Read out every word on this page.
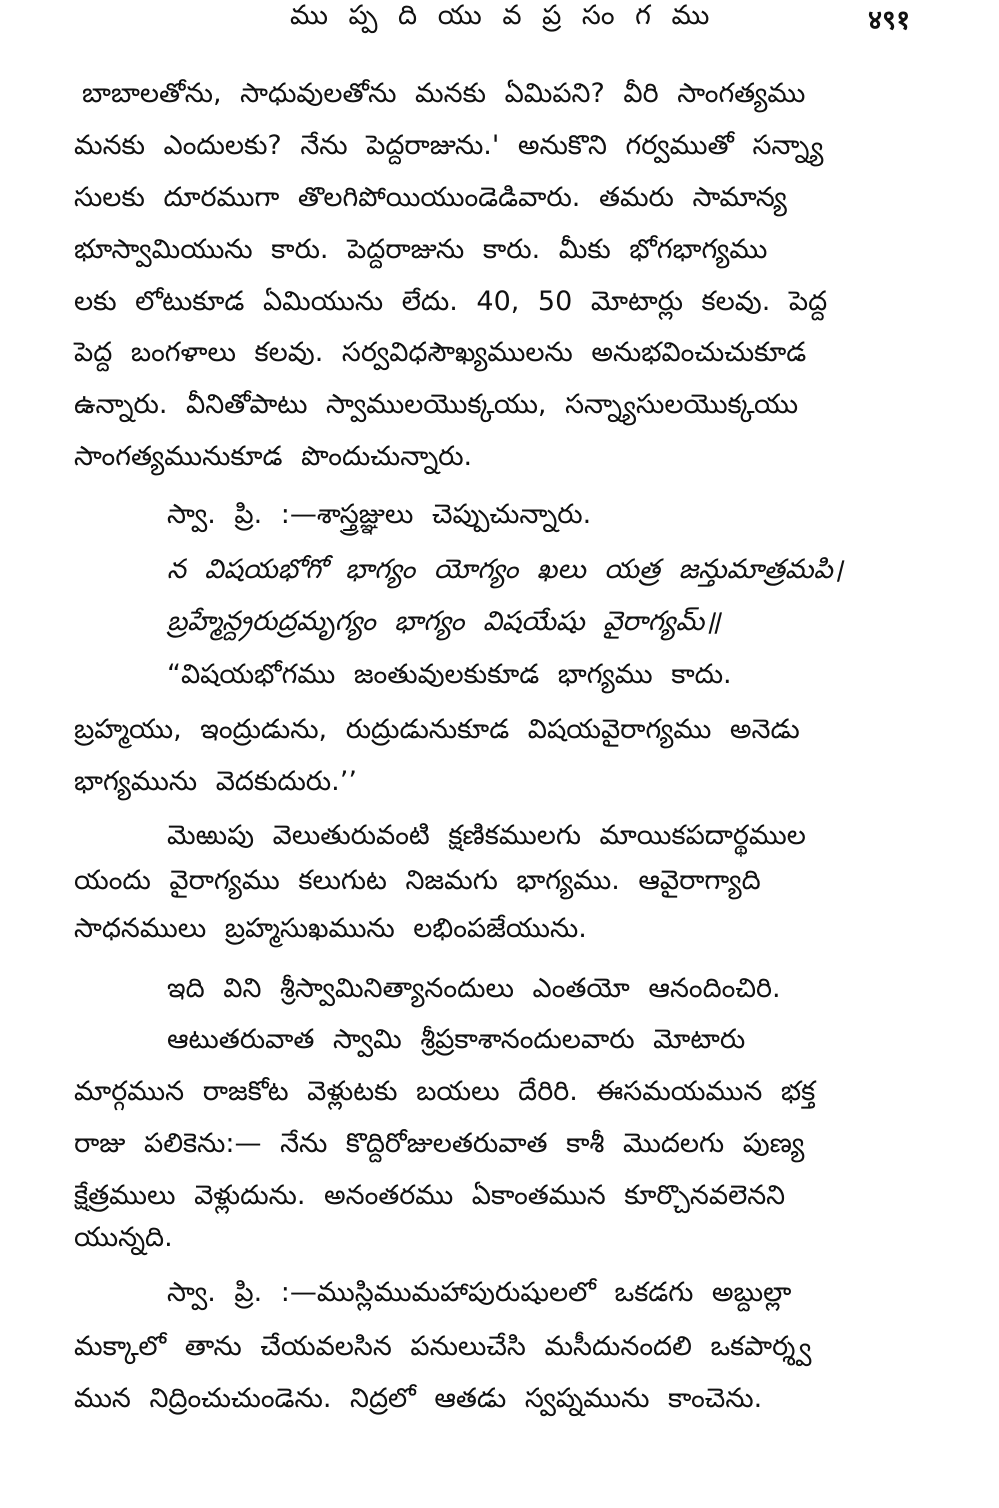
ము ప్ప ది యు వ ప్ర సం గ ము	४९१
బాబాలతోను, సాధువులతోను మనకు ఏమిపని? వీరి సాంగత్యము
మనకు ఎందులకు? నేను పెద్దరాజును.' అనుకొని గర్వముతో సన్న్యా
సులకు దూరముగా తొలగిపోయియుండెడివారు. తమరు సామాన్య
భూస్వామియును కారు. పెద్దరాజును కారు. మీకు భోగభాగ్యము
లకు లోటుకూడ ఏమియును లేదు. 40, 50 మోటార్లు కలవు. పెద్ద
పెద్ద బంగళాలు కలవు. సర్వవిధసౌఖ్యములను అనుభవించుచుకూడ
ఉన్నారు. వీనితోపాటు స్వాములయొక్కయు, సన్న్యాసులయొక్కయు
సాంగత్యమునుకూడ పొందుచున్నారు.
స్వా. ప్రి. :—శాస్త్రజ్ఞులు చెప్పుచున్నారు.
న విషయభోగో భాగ్యం యోగ్యం ఖలు యత్ర జన్తుమాత్రమపి।
బ్రహ్మేన్ద్రరుద్రమృగ్యం భాగ్యం విషయేషు వైరాగ్యమ్॥
“విషయభోగము జంతువులకుకూడ భాగ్యము కాదు.
బ్రహ్మయు, ఇంద్రుడును, రుద్రుడునుకూడ విషయవైరాగ్యము అనెడు
భాగ్యమును వెదకుదురు.’’
మెఱుపు వెలుతురువంటి క్షణికములగు మాయికపదార్థముల
యందు వైరాగ్యము కలుగుట నిజమగు భాగ్యము. ఆవైరాగ్యాది
సాధనములు బ్రహ్మసుఖమును లభింపజేయును.
ఇది విని శ్రీస్వామినిత్యానందులు ఎంతయో ఆనందించిరి.
ఆటుతరువాత స్వామి శ్రీప్రకాశానందులవారు మోటారు
మార్గమున రాజకోట వెళ్లుటకు బయలు దేరిరి. ఈసమయమున భక్త
రాజు పలికెను:— నేను కొద్దిరోజులతరువాత కాశీ మొదలగు పుణ్య
క్షేత్రములు వెళ్లుదును. అనంతరము ఏకాంతమున కూర్చొనవలెనని
యున్నది.
స్వా. ప్రి. :—ముస్లిముమహాపురుషులలో ఒకడగు అబ్దుల్లా
మక్కాలో తాను చేయవలసిన పనులుచేసి మసీదునందలి ఒకపార్శ్వ
మున నిద్రించుచుండెను. నిద్రలో ఆతడు స్వప్నమును కాంచెను.
